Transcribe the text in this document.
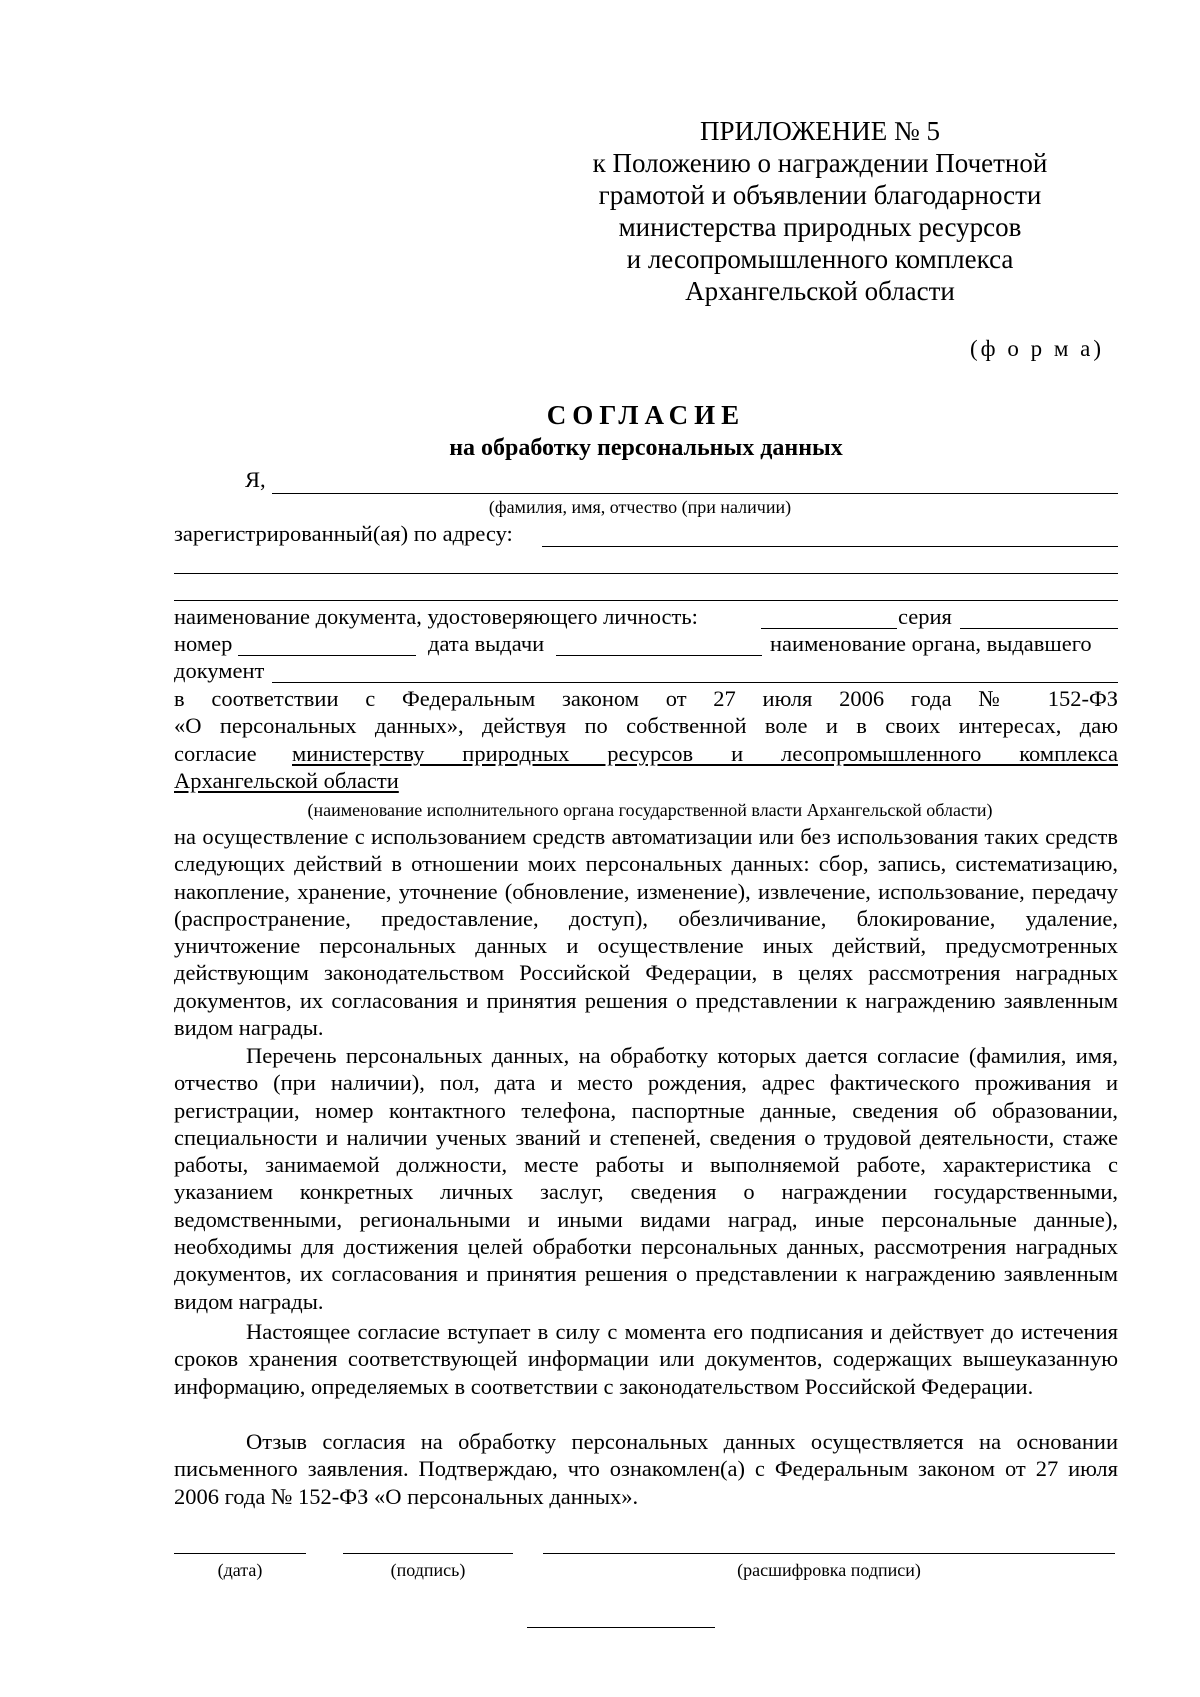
ПРИЛОЖЕНИЕ № 5
к Положению о награждении Почетной
грамотой и объявлении благодарности
министерства природных ресурсов
и лесопромышленного комплекса
Архангельской области
(ф о р м а)
СОГЛАСИЕ
на обработку персональных данных
Я,
(фамилия, имя, отчество (при наличии)
зарегистрированный(ая) по адресу:
наименование документа, удостоверяющего личность:	серия
номер	дата выдачи	наименование органа, выдавшего
документ
в соответствии с Федеральным законом от 27 июля 2006 года № 152-ФЗ
«О персональных данных», действуя по собственной воле и в своих интересах, даю
согласие министерству природных ресурсов и лесопромышленного комплекса
Архангельской области
(наименование исполнительного органа государственной власти Архангельской области)
на осуществление с использованием средств автоматизации или без использования таких средств следующих действий в отношении моих персональных данных: сбор, запись, систематизацию, накопление, хранение, уточнение (обновление, изменение), извлечение, использование, передачу (распространение, предоставление, доступ), обезличивание, блокирование, удаление, уничтожение персональных данных и осуществление иных действий, предусмотренных действующим законодательством Российской Федерации, в целях рассмотрения наградных документов, их согласования и принятия решения о представлении к награждению заявленным видом награды.
Перечень персональных данных, на обработку которых дается согласие (фамилия, имя, отчество (при наличии), пол, дата и место рождения, адрес фактического проживания и регистрации, номер контактного телефона, паспортные данные, сведения об образовании, специальности и наличии ученых званий и степеней, сведения о трудовой деятельности, стаже работы, занимаемой должности, месте работы и выполняемой работе, характеристика с указанием конкретных личных заслуг, сведения о награждении государственными, ведомственными, региональными и иными видами наград, иные персональные данные), необходимы для достижения целей обработки персональных данных, рассмотрения наградных документов, их согласования и принятия решения о представлении к награждению заявленным видом награды.
Настоящее согласие вступает в силу с момента его подписания и действует до истечения сроков хранения соответствующей информации или документов, содержащих вышеуказанную информацию, определяемых в соответствии с законодательством Российской Федерации.
Отзыв согласия на обработку персональных данных осуществляется на основании письменного заявления. Подтверждаю, что ознакомлен(а) с Федеральным законом от 27 июля 2006 года № 152-ФЗ «О персональных данных».
(дата)	(подпись)	(расшифровка подписи)
